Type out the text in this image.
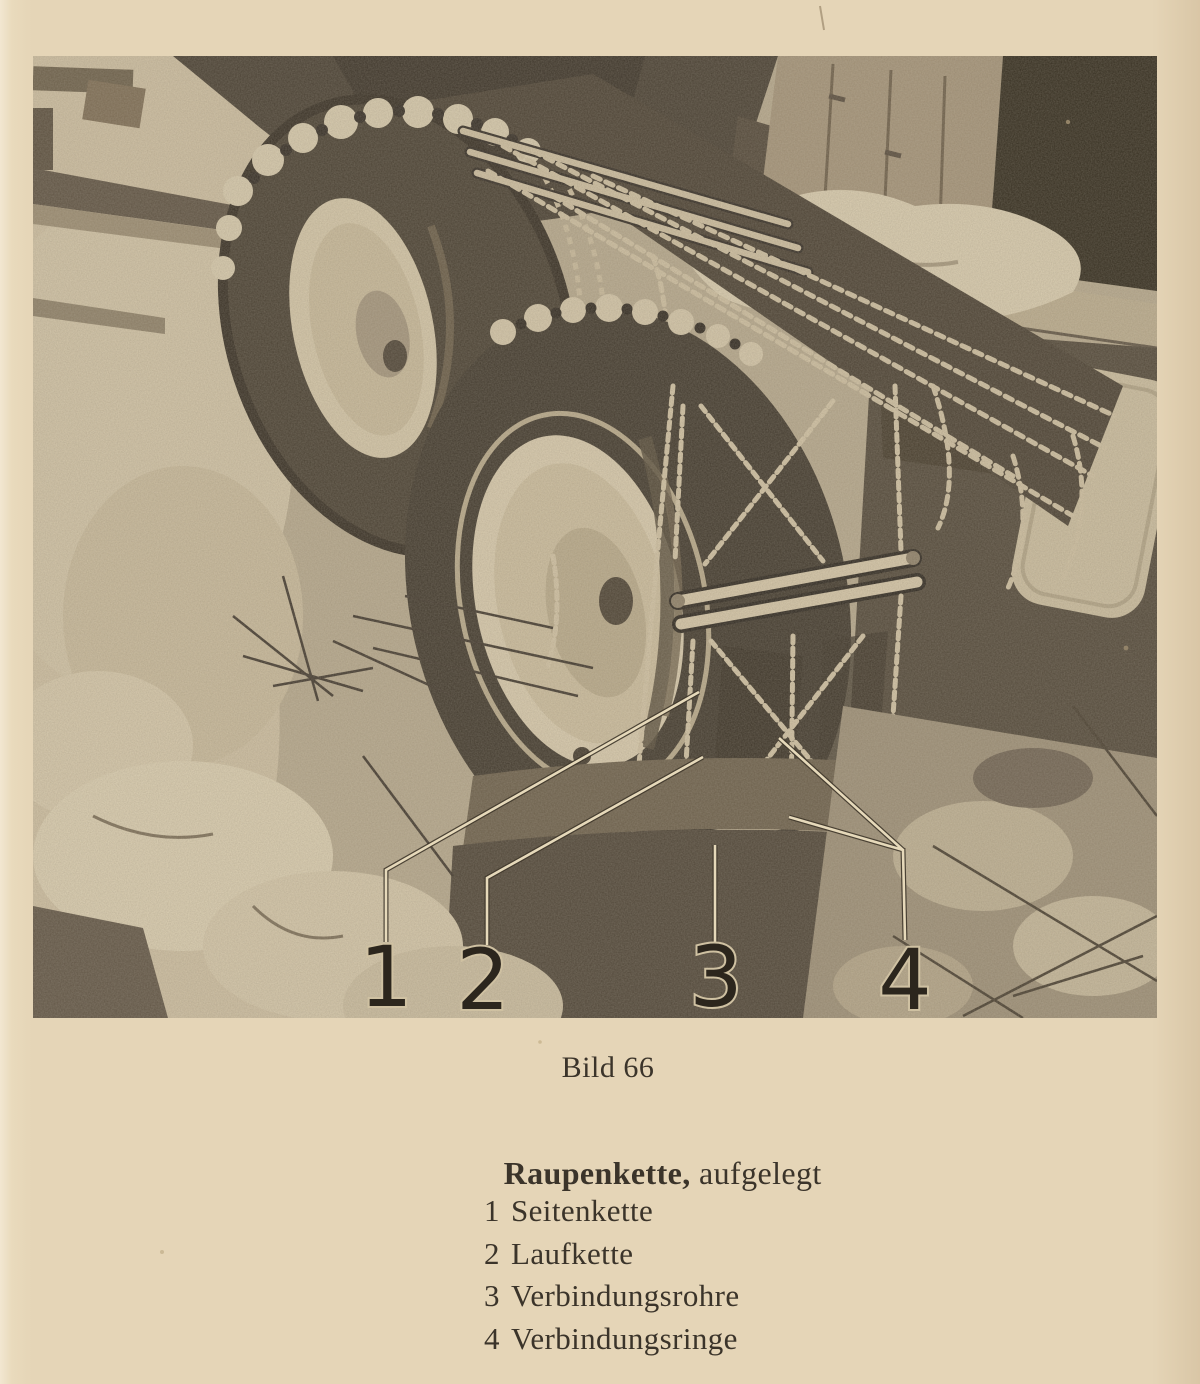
1 2 3 4
Bild 66

Raupenkette, aufgelegt

1 Seitenkette
2 Laufkette
3 Verbindungsrohre
4 Verbindungsringe
